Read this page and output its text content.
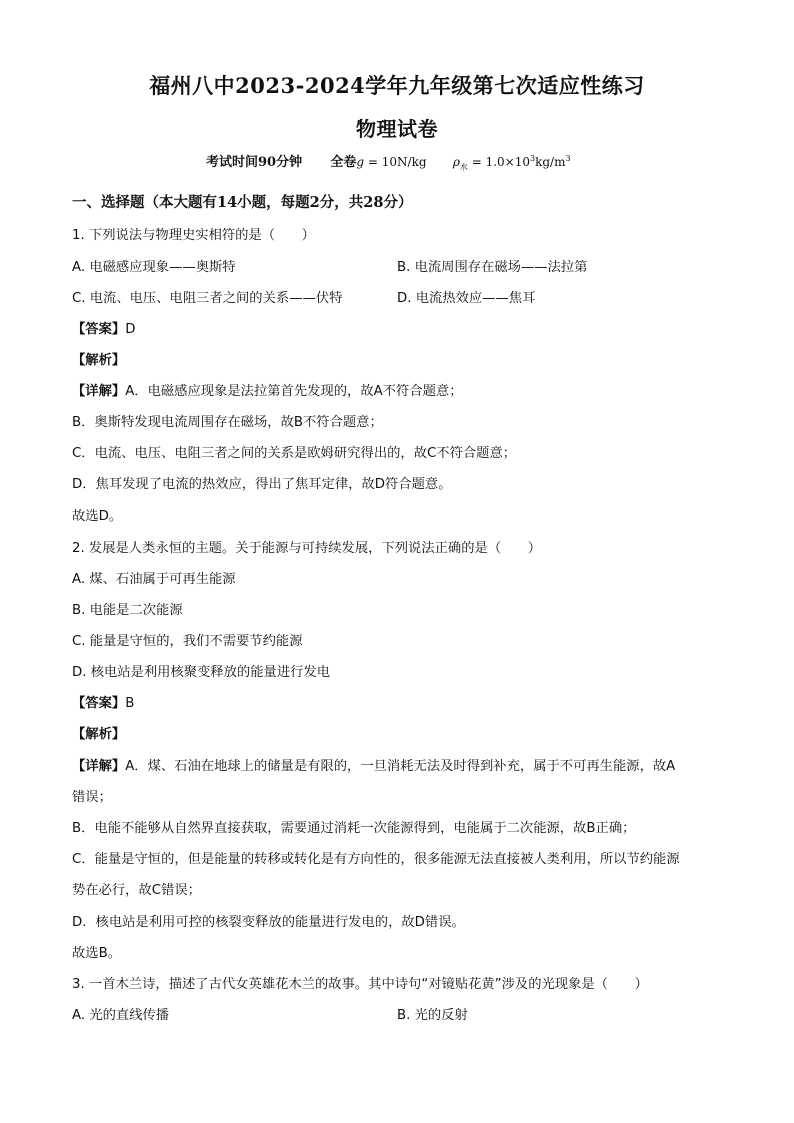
福州八中2023-2024学年九年级第七次适应性练习
物理试卷
考试时间90分钟 全卷g = 10N/kg $\rho_水 = 1.0\times 10^3kg/m^3$
一、选择题（本大题有14小题，每题2分，共28分）
1. 下列说法与物理史实相符的是（　　）
A. 电磁感应现象——奥斯特	B. 电流周围存在磁场——法拉第
C. 电流、电压、电阻三者之间的关系——伏特	D. 电流热效应——焦耳
【答案】D
【解析】
【详解】A．电磁感应现象是法拉第首先发现的，故A不符合题意；
B．奥斯特发现电流周围存在磁场，故B不符合题意；
C．电流、电压、电阻三者之间的关系是欧姆研究得出的，故C不符合题意；
D．焦耳发现了电流的热效应，得出了焦耳定律，故D符合题意。
故选D。
2. 发展是人类永恒的主题。关于能源与可持续发展，下列说法正确的是（　　）
A. 煤、石油属于可再生能源
B. 电能是二次能源
C. 能量是守恒的，我们不需要节约能源
D. 核电站是利用核聚变释放的能量进行发电
【答案】B
【解析】
【详解】A．煤、石油在地球上的储量是有限的，一旦消耗无法及时得到补充，属于不可再生能源，故A
错误；
B．电能不能够从自然界直接获取，需要通过消耗一次能源得到，电能属于二次能源，故B正确；
C．能量是守恒的，但是能量的转移或转化是有方向性的，很多能源无法直接被人类利用，所以节约能源
势在必行，故C错误；
D．核电站是利用可控的核裂变释放的能量进行发电的，故D错误。
故选B。
3. 一首木兰诗，描述了古代女英雄花木兰的故事。其中诗句“对镜贴花黄”涉及的光现象是（　　）
A. 光的直线传播	B. 光的反射
